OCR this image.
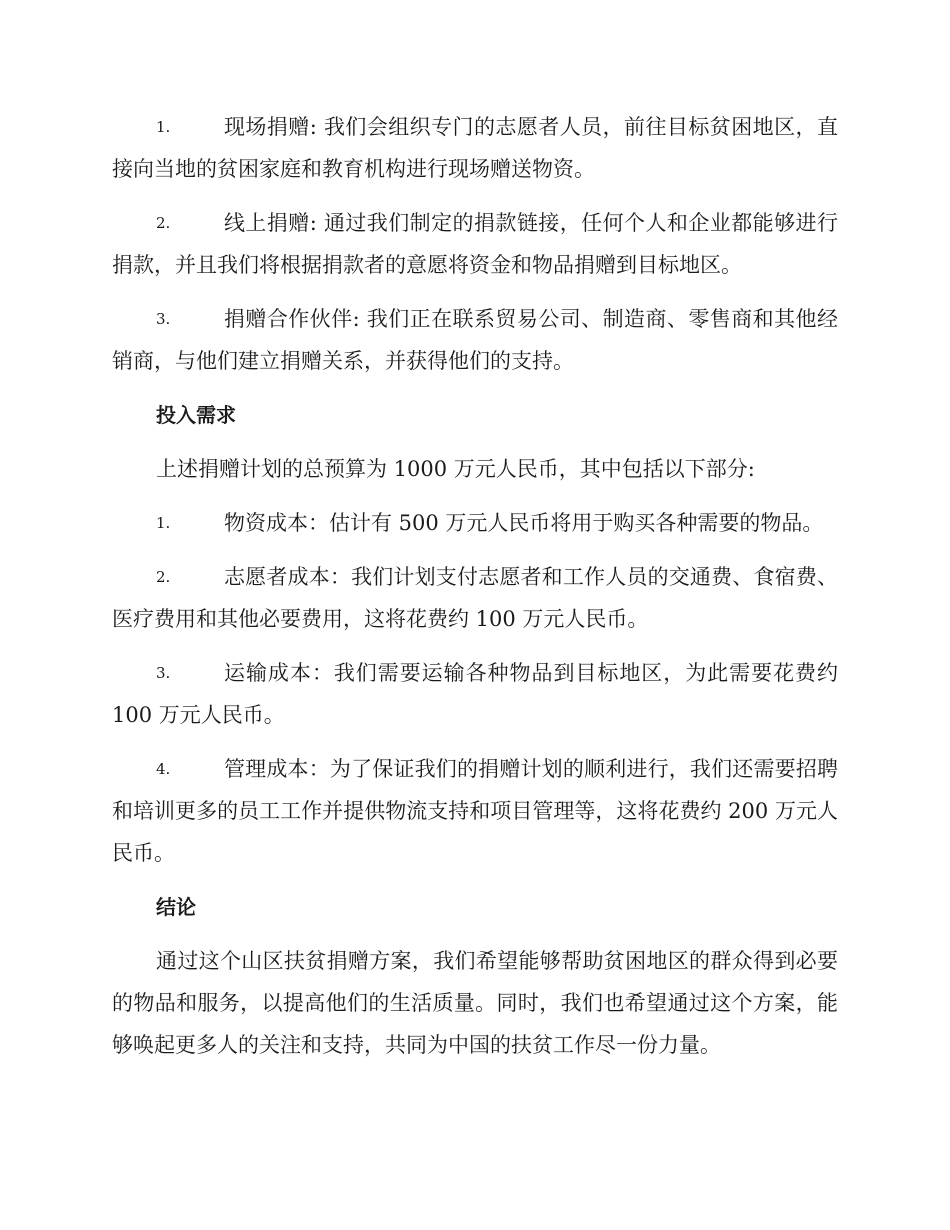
1.	现场捐赠: 我们会组织专门的志愿者人员，前往目标贫困地区，直接向当地的贫困家庭和教育机构进行现场赠送物资。
2.	线上捐赠: 通过我们制定的捐款链接，任何个人和企业都能够进行捐款，并且我们将根据捐款者的意愿将资金和物品捐赠到目标地区。
3.	捐赠合作伙伴: 我们正在联系贸易公司、制造商、零售商和其他经销商，与他们建立捐赠关系，并获得他们的支持。
投入需求
上述捐赠计划的总预算为 1000 万元人民币，其中包括以下部分:
1.	物资成本：估计有 500 万元人民币将用于购买各种需要的物品。
2.	志愿者成本：我们计划支付志愿者和工作人员的交通费、食宿费、医疗费用和其他必要费用，这将花费约 100 万元人民币。
3.	运输成本：我们需要运输各种物品到目标地区，为此需要花费约 100 万元人民币。
4.	管理成本：为了保证我们的捐赠计划的顺利进行，我们还需要招聘和培训更多的员工工作并提供物流支持和项目管理等，这将花费约 200 万元人民币。
结论
通过这个山区扶贫捐赠方案，我们希望能够帮助贫困地区的群众得到必要的物品和服务，以提高他们的生活质量。同时，我们也希望通过这个方案，能够唤起更多人的关注和支持，共同为中国的扶贫工作尽一份力量。
